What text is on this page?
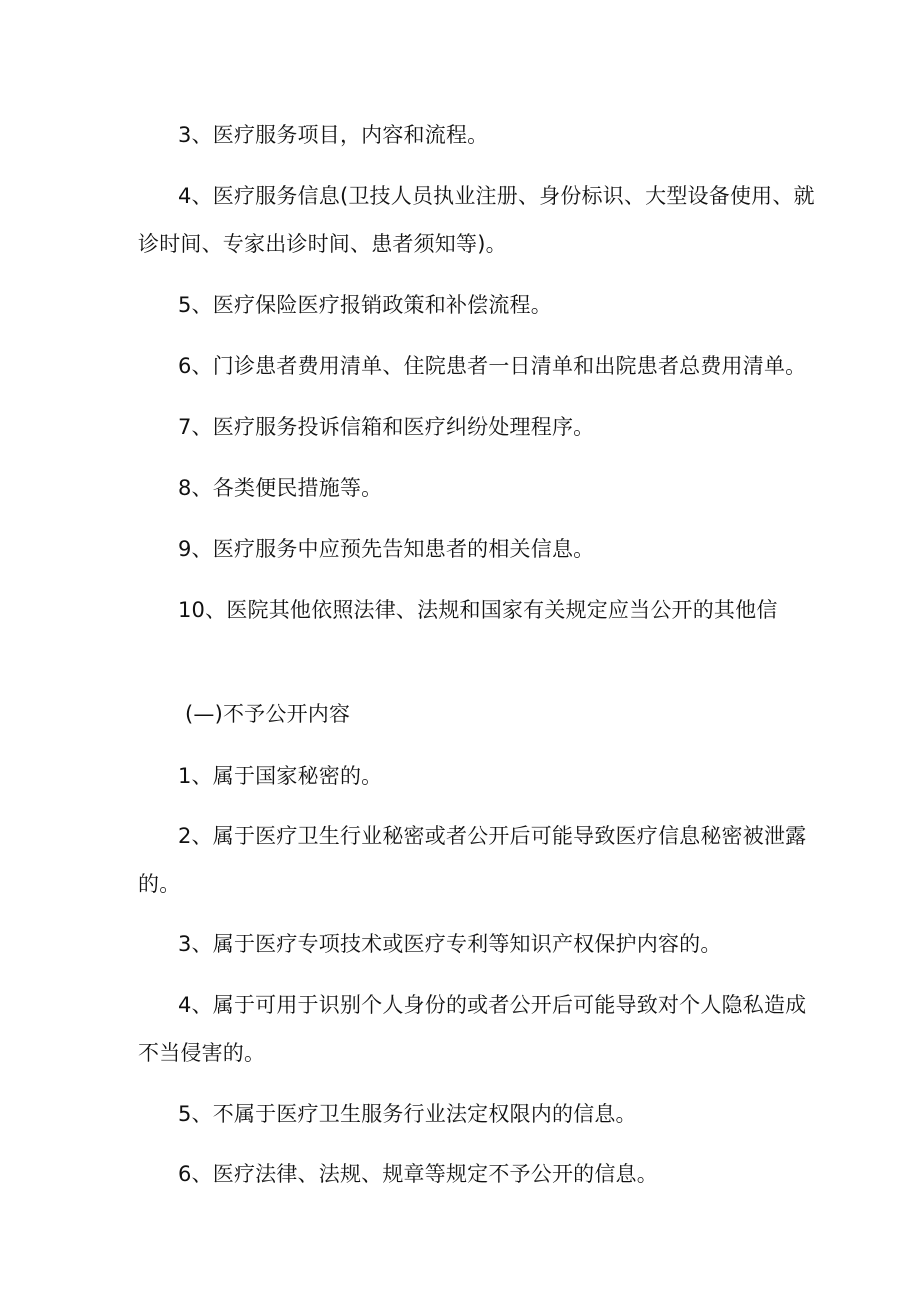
3、医疗服务项目，内容和流程。
4、医疗服务信息(卫技人员执业注册、身份标识、大型设备使用、就
诊时间、专家出诊时间、患者须知等)。
5、医疗保险医疗报销政策和补偿流程。
6、门诊患者费用清单、住院患者一日清单和出院患者总费用清单。
7、医疗服务投诉信箱和医疗纠纷处理程序。
8、各类便民措施等。
9、医疗服务中应预先告知患者的相关信息。
10、医院其他依照法律、法规和国家有关规定应当公开的其他信
(—)不予公开内容
1、属于国家秘密的。
2、属于医疗卫生行业秘密或者公开后可能导致医疗信息秘密被泄露
的。
3、属于医疗专项技术或医疗专利等知识产权保护内容的。
4、属于可用于识别个人身份的或者公开后可能导致对个人隐私造成
不当侵害的。
5、不属于医疗卫生服务行业法定权限内的信息。
6、医疗法律、法规、规章等规定不予公开的信息。
